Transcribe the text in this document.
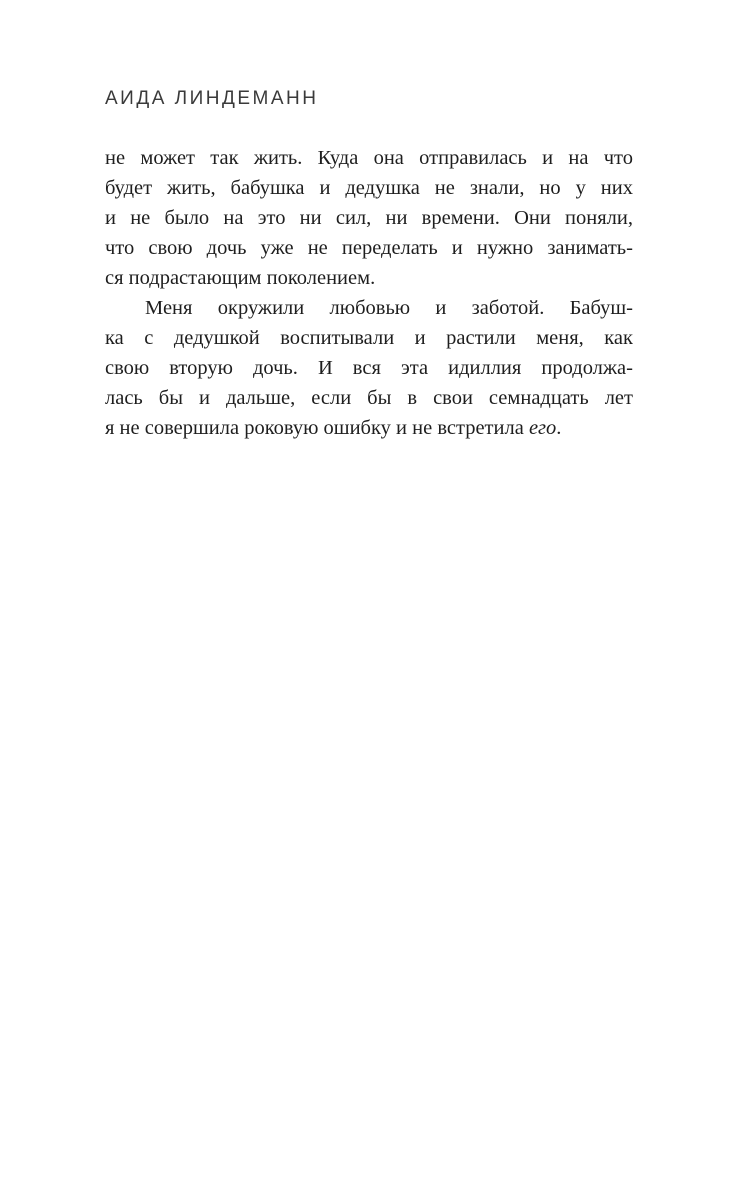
АИДА ЛИНДЕМАНН
не может так жить. Куда она отправилась и на что
будет жить, бабушка и дедушка не знали, но у них
и не было на это ни сил, ни времени. Они поняли,
что свою дочь уже не переделать и нужно занимать-
ся подрастающим поколением.
Меня окружили любовью и заботой. Бабуш-
ка с дедушкой воспитывали и растили меня, как
свою вторую дочь. И вся эта идиллия продолжа-
лась бы и дальше, если бы в свои семнадцать лет
я не совершила роковую ошибку и не встретила его.
